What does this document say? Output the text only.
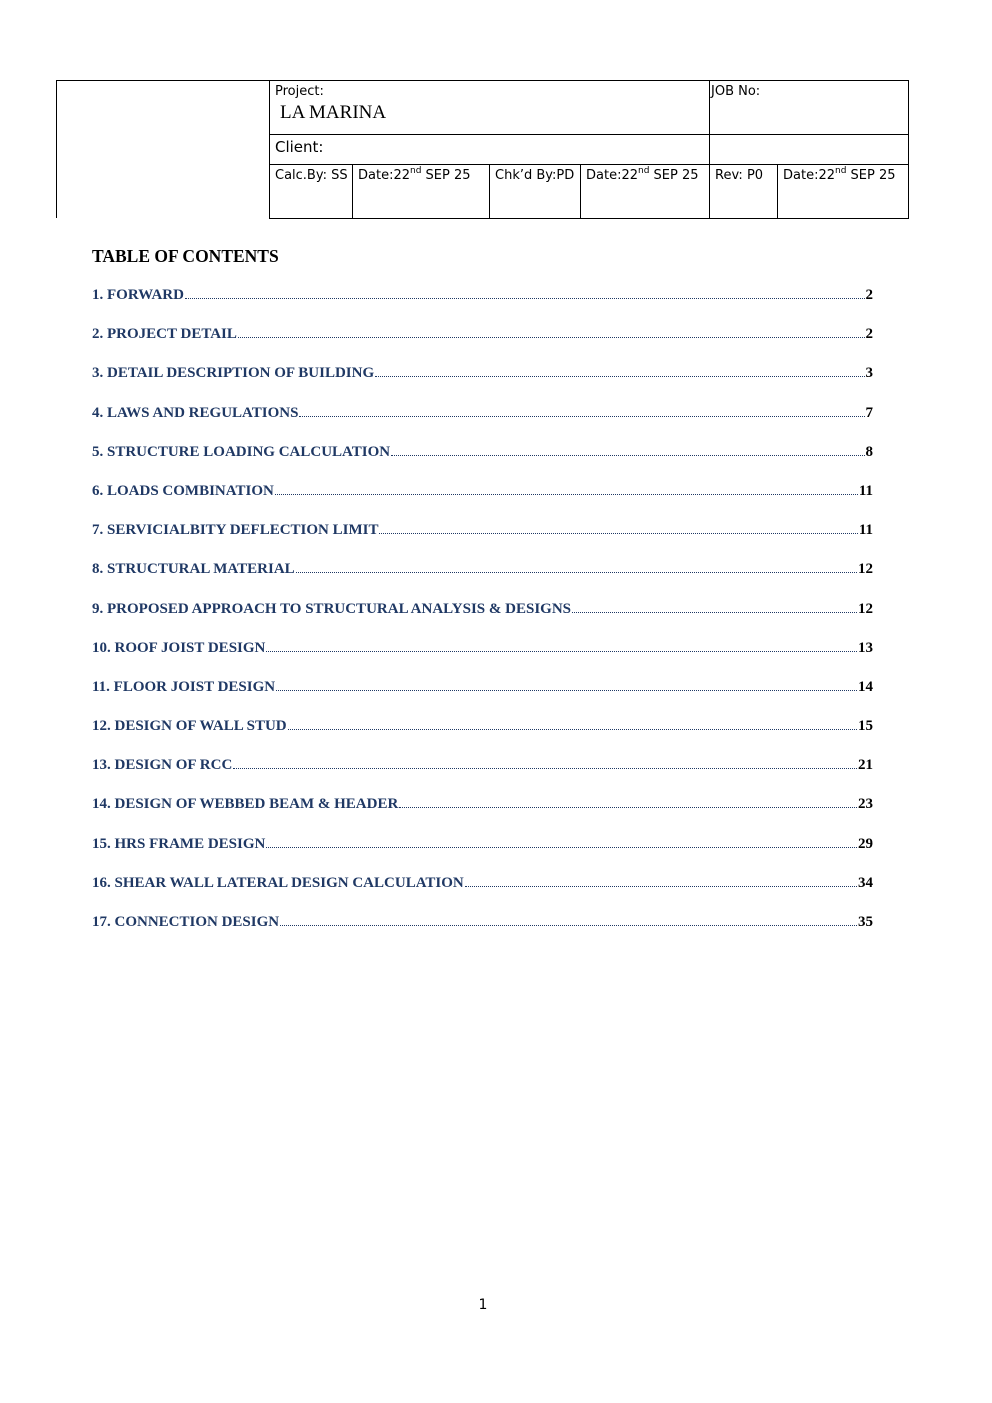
Project:
LA MARINA
JOB No:
Client:
Calc.By: SS Date:22nd SEP 25 Chk’d By:PD Date:22nd SEP 25 Rev: P0 Date:22nd SEP 25
TABLE OF CONTENTS
1. FORWARD	2
2. PROJECT DETAIL	2
3. DETAIL DESCRIPTION OF BUILDING	3
4. LAWS AND REGULATIONS	7
5. STRUCTURE LOADING CALCULATION	8
6. LOADS COMBINATION	11
7. SERVICIALBITY DEFLECTION LIMIT	11
8. STRUCTURAL MATERIAL	12
9. PROPOSED APPROACH TO STRUCTURAL ANALYSIS & DESIGNS	12
10. ROOF JOIST DESIGN	13
11. FLOOR JOIST DESIGN	14
12. DESIGN OF WALL STUD	15
13. DESIGN OF RCC	21
14. DESIGN OF WEBBED BEAM & HEADER	23
15. HRS FRAME DESIGN	29
16. SHEAR WALL LATERAL DESIGN CALCULATION	34
17. CONNECTION DESIGN	35
1
